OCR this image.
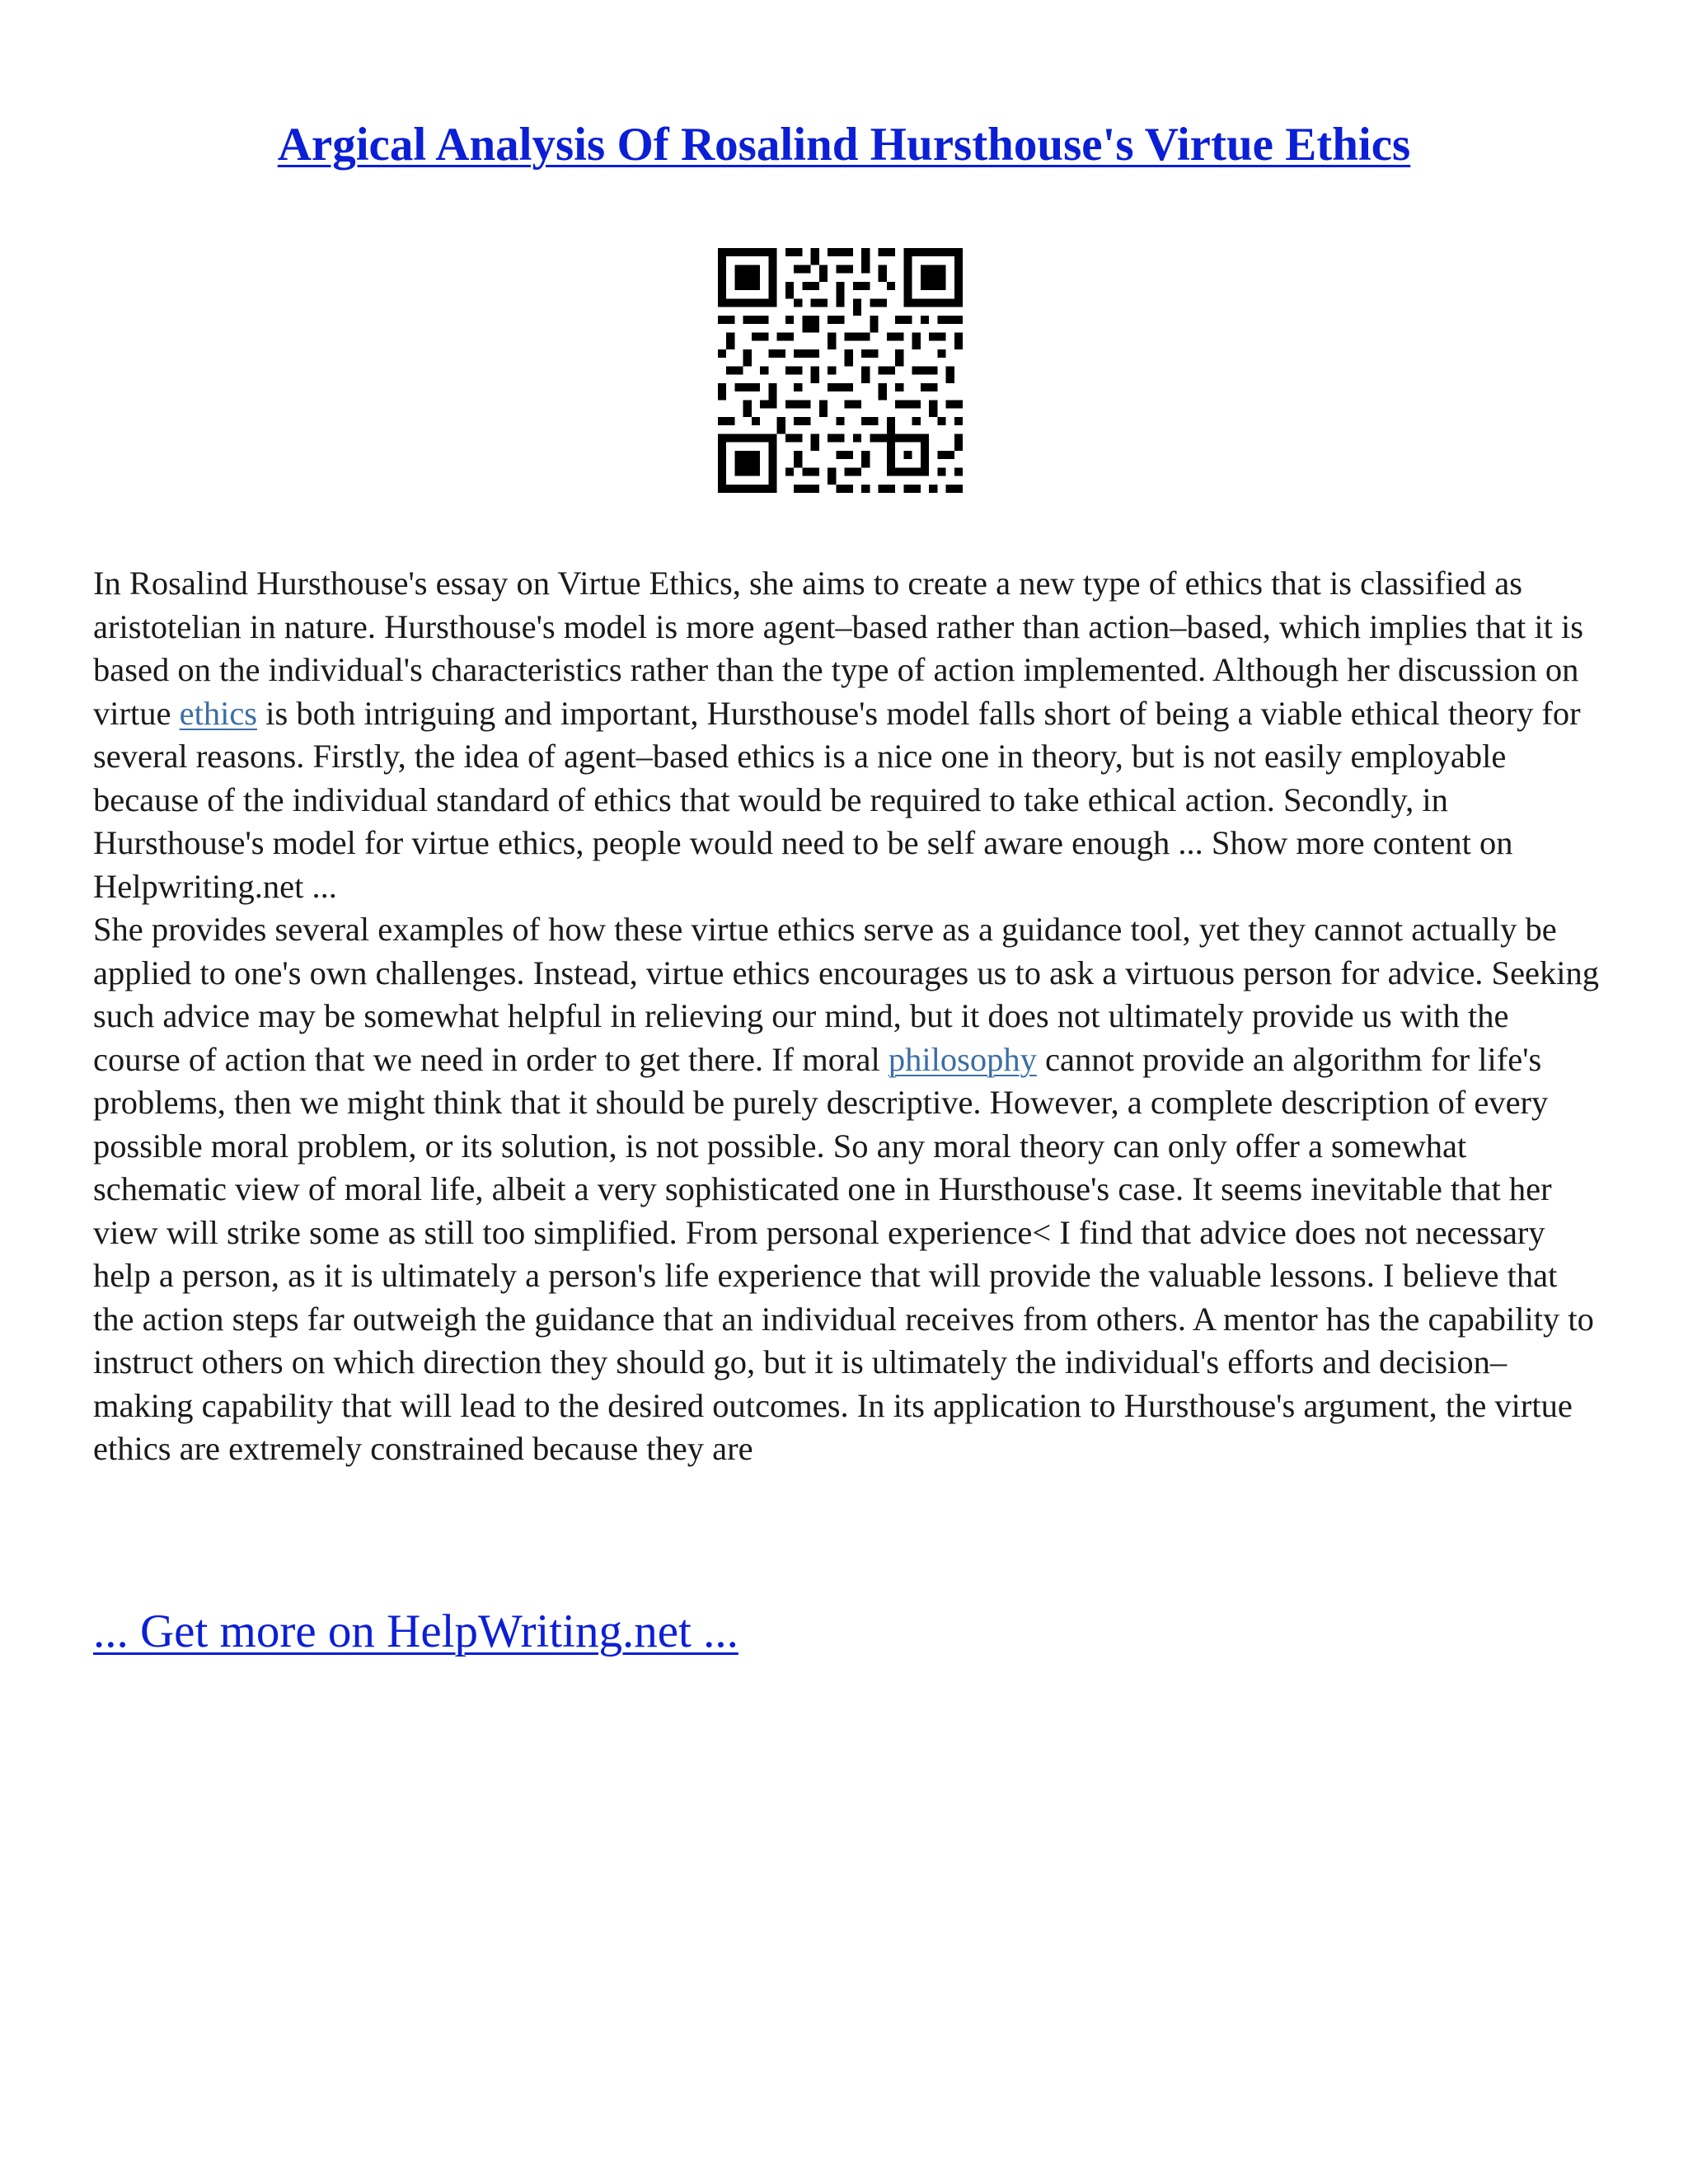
Argical Analysis Of Rosalind Hursthouse's Virtue Ethics

In Rosalind Hursthouse's essay on Virtue Ethics, she aims to create a new type of ethics that is classified as aristotelian in nature. Hursthouse's model is more agent–based rather than action–based, which implies that it is based on the individual's characteristics rather than the type of action implemented. Although her discussion on virtue ethics is both intriguing and important, Hursthouse's model falls short of being a viable ethical theory for several reasons. Firstly, the idea of agent–based ethics is a nice one in theory, but is not easily employable because of the individual standard of ethics that would be required to take ethical action. Secondly, in Hursthouse's model for virtue ethics, people would need to be self aware enough ... Show more content on Helpwriting.net ...

She provides several examples of how these virtue ethics serve as a guidance tool, yet they cannot actually be applied to one's own challenges. Instead, virtue ethics encourages us to ask a virtuous person for advice. Seeking such advice may be somewhat helpful in relieving our mind, but it does not ultimately provide us with the course of action that we need in order to get there. If moral philosophy cannot provide an algorithm for life's problems, then we might think that it should be purely descriptive. However, a complete description of every possible moral problem, or its solution, is not possible. So any moral theory can only offer a somewhat schematic view of moral life, albeit a very sophisticated one in Hursthouse's case. It seems inevitable that her view will strike some as still too simplified. From personal experience< I find that advice does not necessary help a person, as it is ultimately a person's life experience that will provide the valuable lessons. I believe that the action steps far outweigh the guidance that an individual receives from others. A mentor has the capability to instruct others on which direction they should go, but it is ultimately the individual's efforts and decision–making capability that will lead to the desired outcomes. In its application to Hursthouse's argument, the virtue ethics are extremely constrained because they are

... Get more on HelpWriting.net ...
